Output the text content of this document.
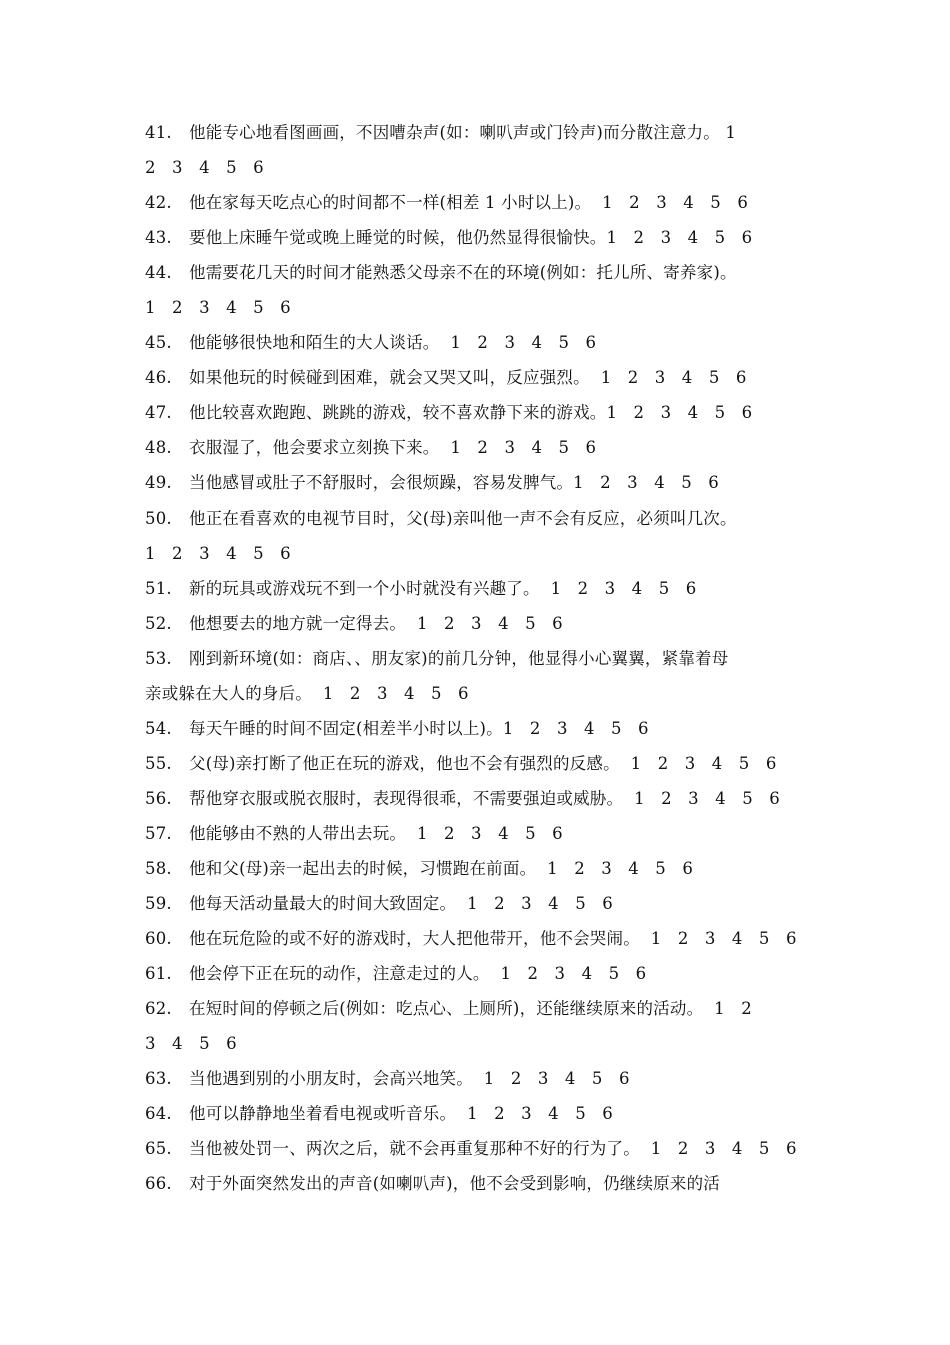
41. 他能专心地看图画画，不因嘈杂声(如：喇叭声或门铃声)而分散注意力。 1
2   3   4   5   6
42. 他在家每天吃点心的时间都不一样(相差 1 小时以上)。  1   2   3   4   5   6
43. 要他上床睡午觉或晚上睡觉的时候，他仍然显得很愉快。1   2   3   4   5   6
44. 他需要花几天的时间才能熟悉父母亲不在的环境(例如：托儿所、寄养家)。
1   2   3   4   5   6
45. 他能够很快地和陌生的大人谈话。  1   2   3   4   5   6
46. 如果他玩的时候碰到困难，就会又哭又叫，反应强烈。  1   2   3   4   5   6
47. 他比较喜欢跑跑、跳跳的游戏，较不喜欢静下来的游戏。1   2   3   4   5   6
48. 衣服湿了，他会要求立刻换下来。  1   2   3   4   5   6
49. 当他感冒或肚子不舒服时，会很烦躁，容易发脾气。1   2   3   4   5   6
50. 他正在看喜欢的电视节目时，父(母)亲叫他一声不会有反应，必须叫几次。
1   2   3   4   5   6
51. 新的玩具或游戏玩不到一个小时就没有兴趣了。  1   2   3   4   5   6
52. 他想要去的地方就一定得去。  1   2   3   4   5   6
53. 刚到新环境(如：商店、、朋友家)的前几分钟，他显得小心翼翼，紧靠着母
亲或躲在大人的身后。  1   2   3   4   5   6
54. 每天午睡的时间不固定(相差半小时以上)。1   2   3   4   5   6
55. 父(母)亲打断了他正在玩的游戏，他也不会有强烈的反感。  1   2   3   4   5   6
56. 帮他穿衣服或脱衣服时，表现得很乖，不需要强迫或威胁。  1   2   3   4   5   6
57. 他能够由不熟的人带出去玩。  1   2   3   4   5   6
58. 他和父(母)亲一起出去的时候，习惯跑在前面。  1   2   3   4   5   6
59. 他每天活动量最大的时间大致固定。  1   2   3   4   5   6
60. 他在玩危险的或不好的游戏时，大人把他带开，他不会哭闹。  1   2   3   4   5   6
61. 他会停下正在玩的动作，注意走过的人。  1   2   3   4   5   6
62. 在短时间的停顿之后(例如：吃点心、上厕所)，还能继续原来的活动。  1   2
3   4   5   6
63. 当他遇到别的小朋友时，会高兴地笑。  1   2   3   4   5   6
64. 他可以静静地坐着看电视或听音乐。  1   2   3   4   5   6
65. 当他被处罚一、两次之后，就不会再重复那种不好的行为了。  1   2   3   4   5   6
66. 对于外面突然发出的声音(如喇叭声)，他不会受到影响，仍继续原来的活
